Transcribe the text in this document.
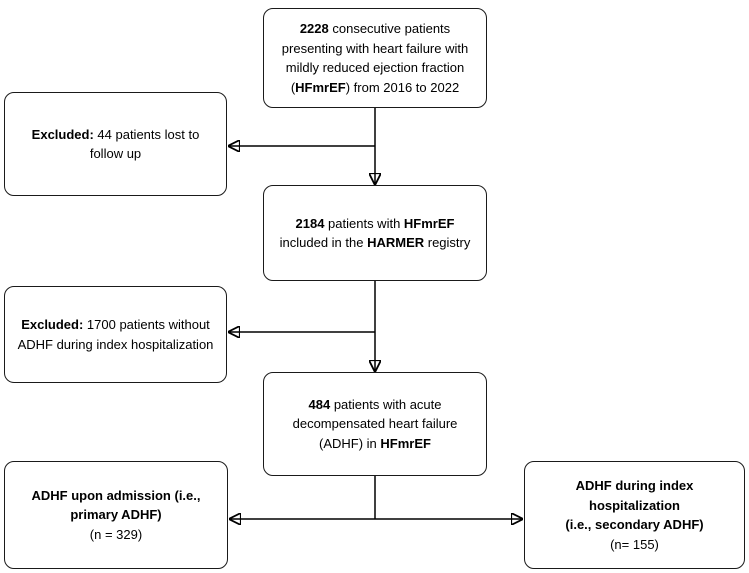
2228 consecutive patients
presenting with heart failure with
mildly reduced ejection fraction
(HFmrEF) from 2016 to 2022
Excluded: 44 patients lost to
follow up
2184 patients with HFmrEF
included in the HARMER registry
Excluded: 1700 patients without
ADHF during index hospitalization
484 patients with acute
decompensated heart failure
(ADHF) in HFmrEF
ADHF upon admission (i.e.,
primary ADHF)
(n = 329)
ADHF during index
hospitalization
(i.e., secondary ADHF)
(n= 155)
